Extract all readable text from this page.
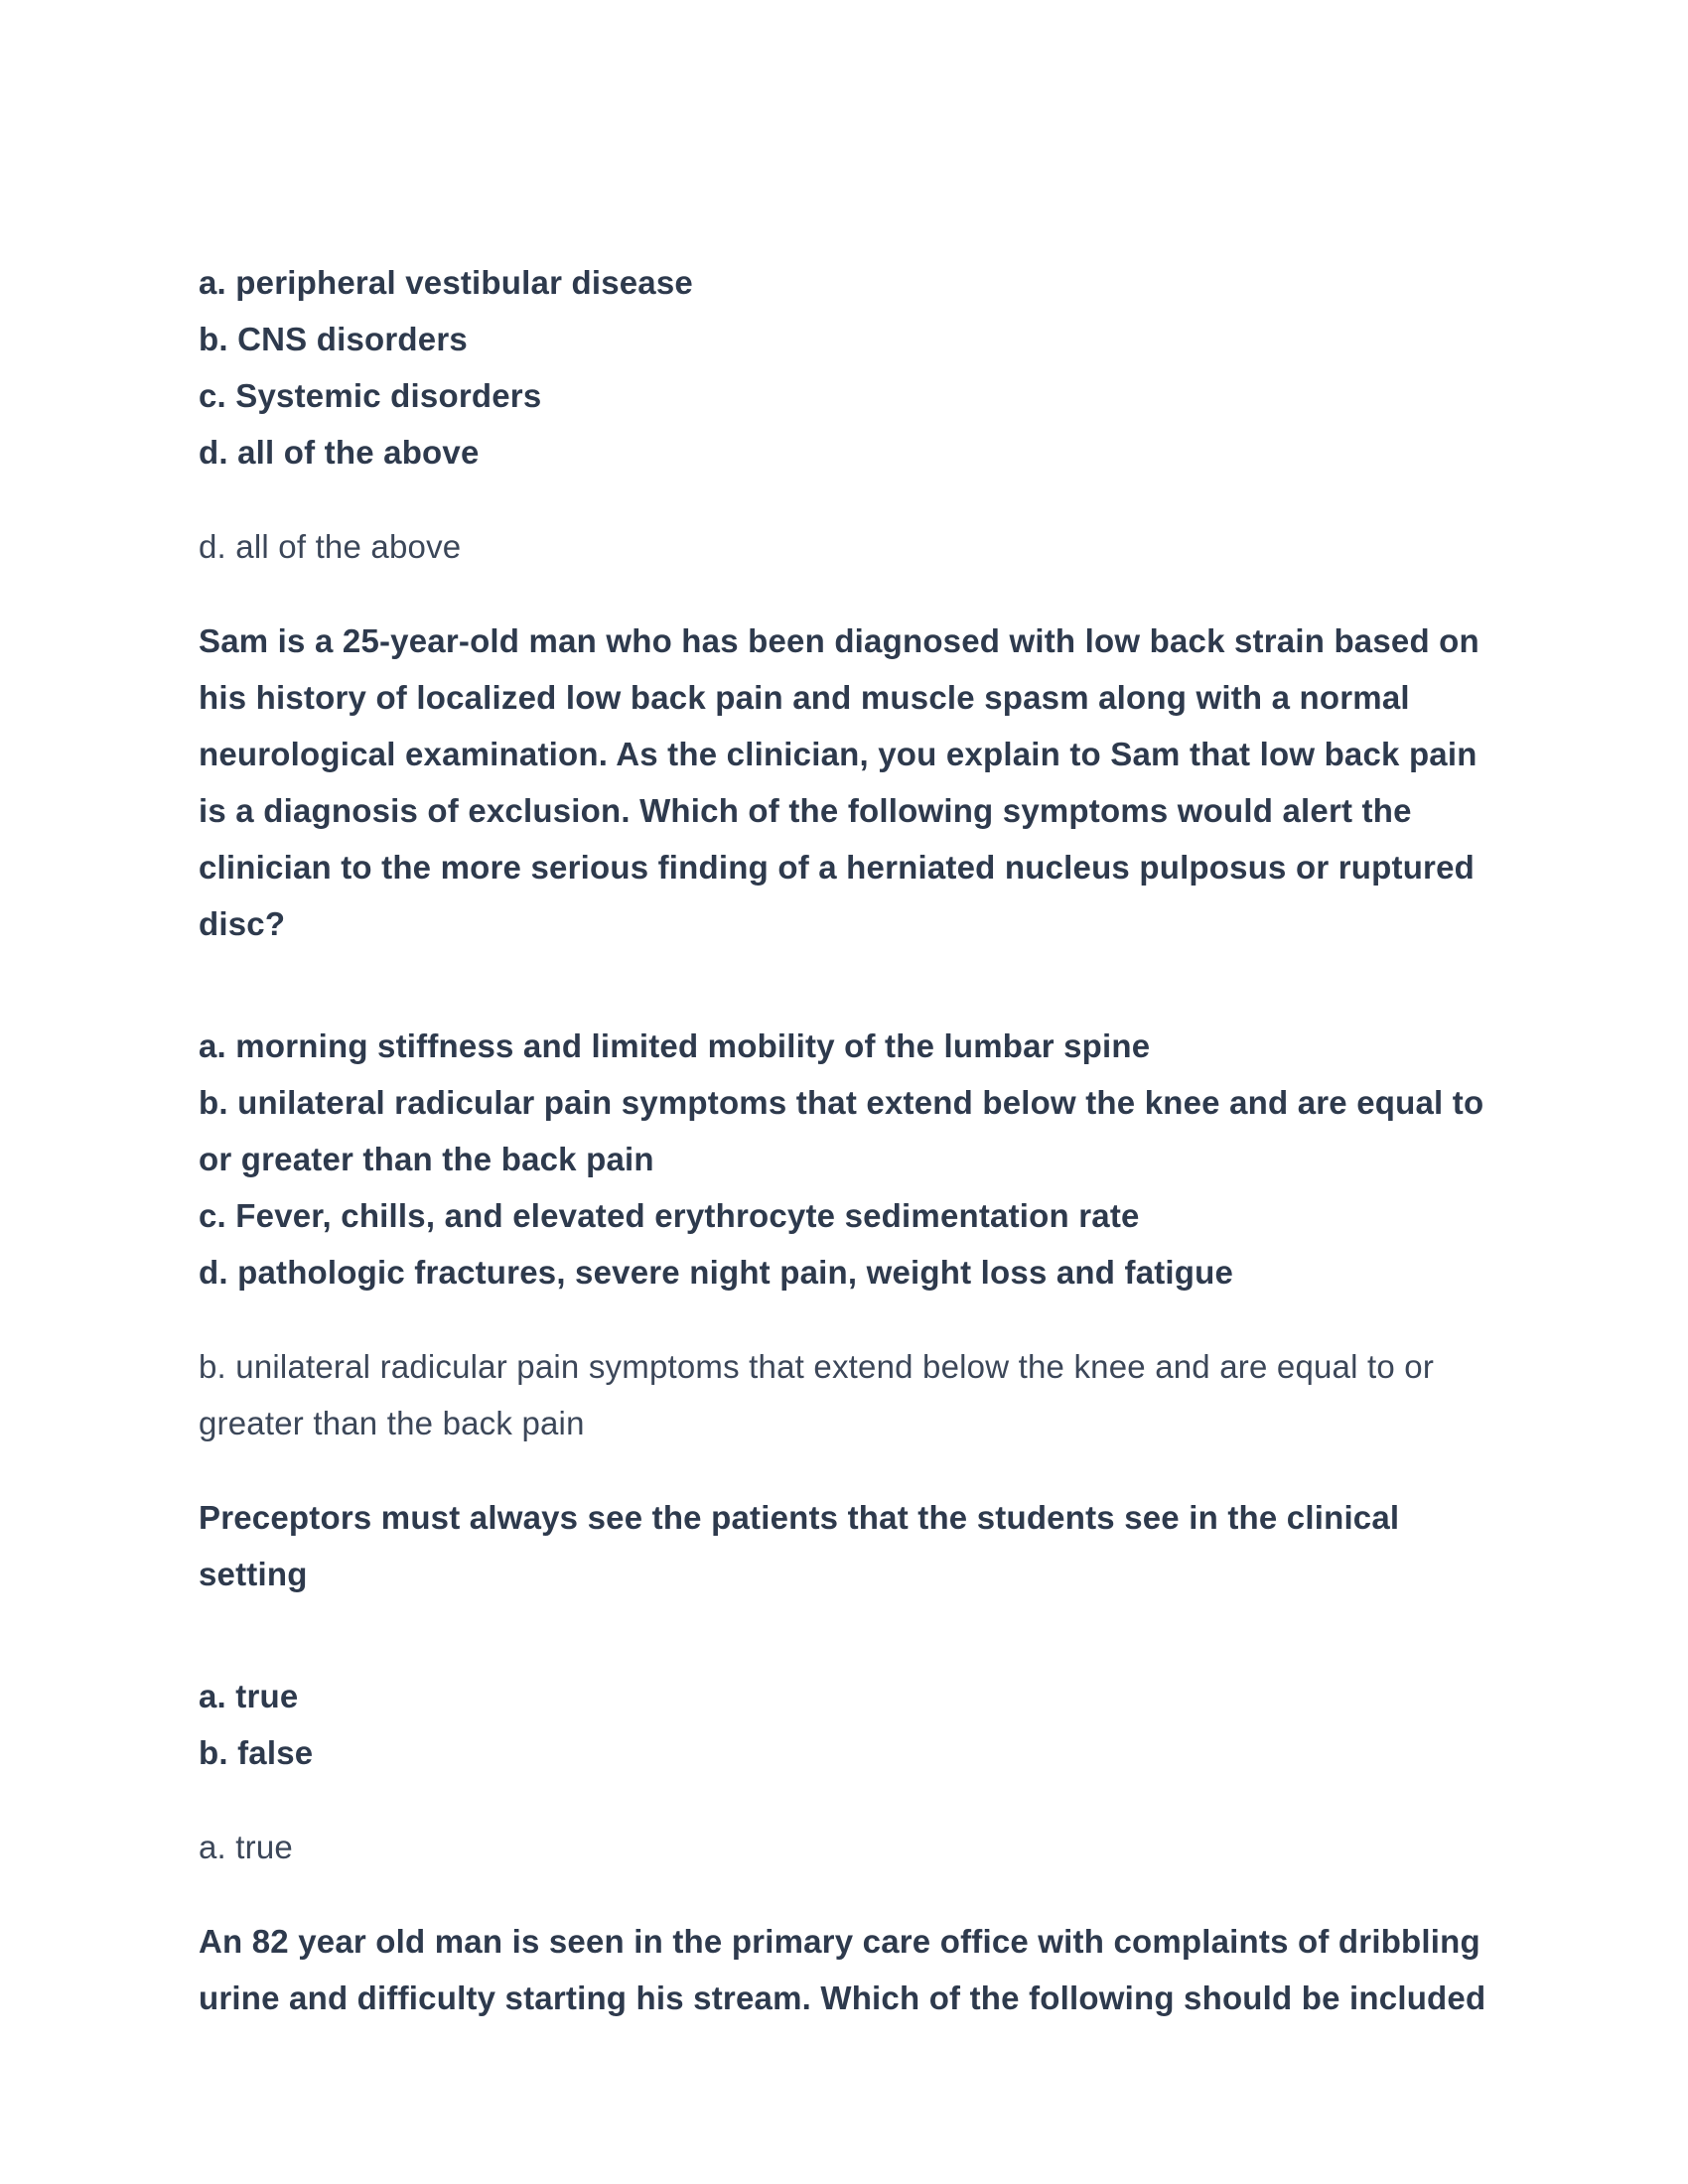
a. peripheral vestibular disease
b. CNS disorders
c. Systemic disorders
d. all of the above
d. all of the above
Sam is a 25-year-old man who has been diagnosed with low back strain based on
his history of localized low back pain and muscle spasm along with a normal
neurological examination. As the clinician, you explain to Sam that low back pain
is a diagnosis of exclusion. Which of the following symptoms would alert the
clinician to the more serious finding of a herniated nucleus pulposus or ruptured
disc?
a. morning stiffness and limited mobility of the lumbar spine
b. unilateral radicular pain symptoms that extend below the knee and are equal to
or greater than the back pain
c. Fever, chills, and elevated erythrocyte sedimentation rate
d. pathologic fractures, severe night pain, weight loss and fatigue
b. unilateral radicular pain symptoms that extend below the knee and are equal to or
greater than the back pain
Preceptors must always see the patients that the students see in the clinical
setting
a. true
b. false
a. true
An 82 year old man is seen in the primary care office with complaints of dribbling
urine and difficulty starting his stream. Which of the following should be included
